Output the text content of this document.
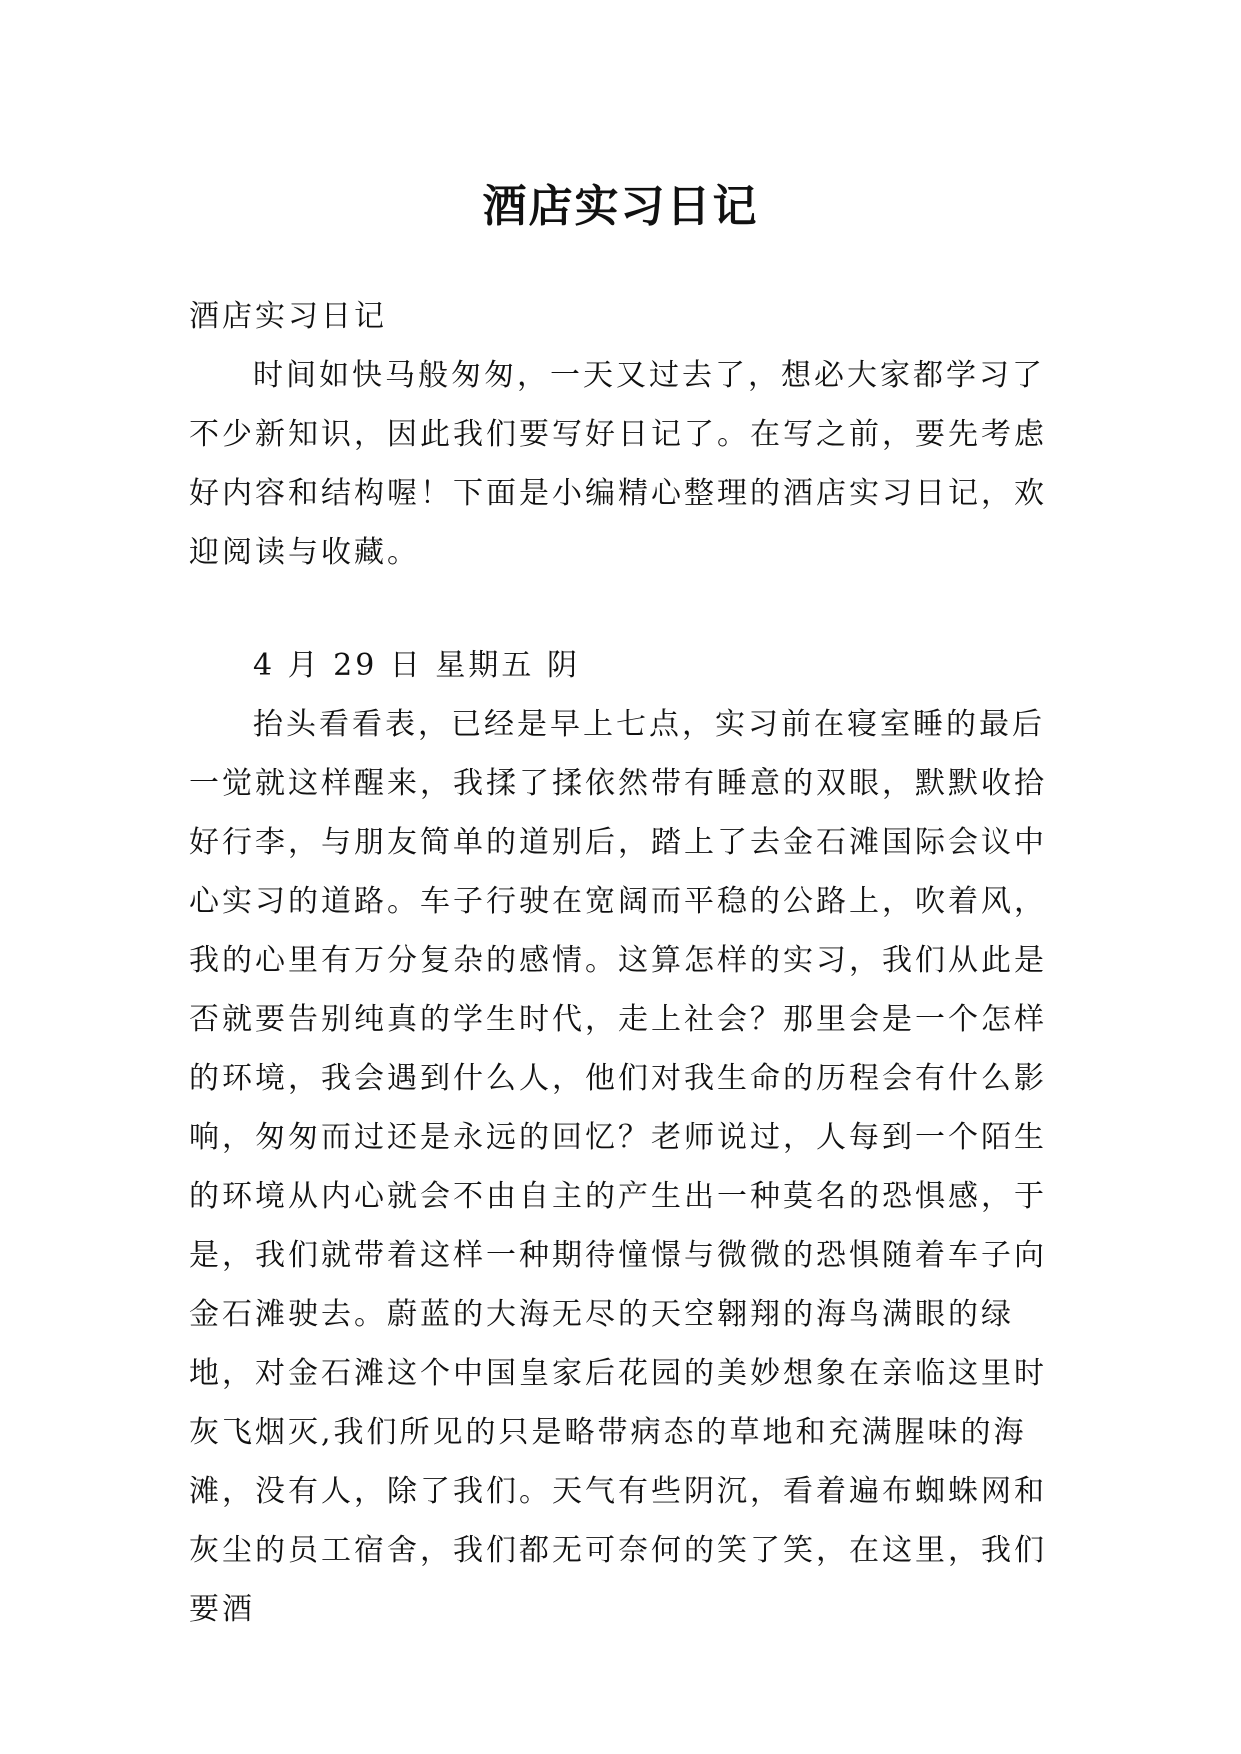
酒店实习日记

酒店实习日记

时间如快马般匆匆，一天又过去了，想必大家都学习了不少新知识，因此我们要写好日记了。在写之前，要先考虑好内容和结构喔！下面是小编精心整理的酒店实习日记，欢迎阅读与收藏。

4 月 29 日 星期五 阴

抬头看看表，已经是早上七点，实习前在寝室睡的最后一觉就这样醒来，我揉了揉依然带有睡意的双眼，默默收拾好行李，与朋友简单的道别后，踏上了去金石滩国际会议中心实习的道路。车子行驶在宽阔而平稳的公路上，吹着风，我的心里有万分复杂的感情。这算怎样的实习，我们从此是否就要告别纯真的学生时代，走上社会？那里会是一个怎样的环境，我会遇到什么人，他们对我生命的历程会有什么影响，匆匆而过还是永远的回忆？老师说过，人每到一个陌生的环境从内心就会不由自主的产生出一种莫名的恐惧感，于是，我们就带着这样一种期待憧憬与微微的恐惧随着车子向金石滩驶去。蔚蓝的大海无尽的天空翱翔的海鸟满眼的绿地，对金石滩这个中国皇家后花园的美妙想象在亲临这里时灰飞烟灭,我们所见的只是略带病态的草地和充满腥味的海滩，没有人，除了我们。天气有些阴沉，看着遍布蜘蛛网和灰尘的员工宿舍，我们都无可奈何的笑了笑，在这里，我们要酒
